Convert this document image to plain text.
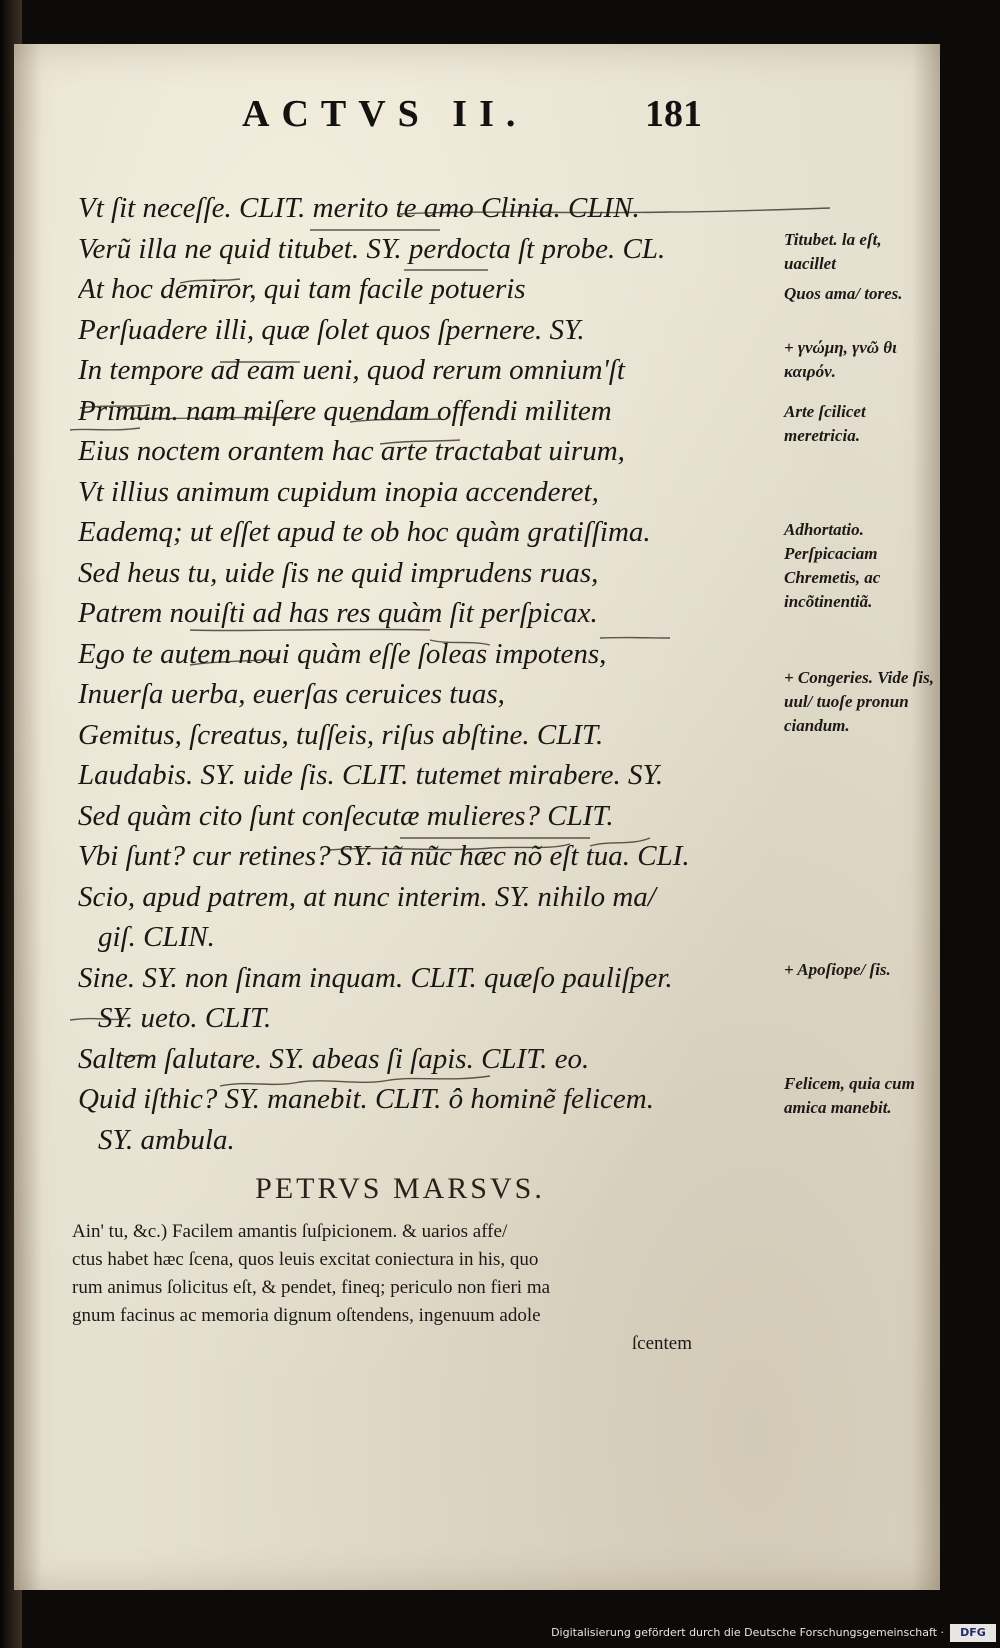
ACTVS II.	181
Vt ſit neceſſe. CLIT. merito te amo Clinia. CLIN.
Verũ illa ne quid titubet. SY. perdocta ſt probe. CL.
At hoc demiror, qui tam facile potueris
Perſuadere illi, quæ ſolet quos ſpernere. SY.
In tempore ad eam ueni, quod rerum omnium'ſt
Primum. nam miſere quendam offendi militem
Eius noctem orantem hac arte tractabat uirum,
Vt illius animum cupidum inopia accenderet,
Eademq; ut eſſet apud te ob hoc quàm gratiſſima.
Sed heus tu, uide ſis ne quid imprudens ruas,
Patrem nouiſti ad has res quàm ſit perſpicax.
Ego te autem noui quàm eſſe ſoleas impotens,
Inuerſa uerba, euerſas ceruices tuas,
Gemitus, ſcreatus, tuſſeis, riſus abſtine. CLIT.
Laudabis. SY. uide ſis. CLIT. tutemet mirabere. SY.
Sed quàm cito ſunt conſecutæ mulieres? CLIT.
Vbi ſunt? cur retines? SY. iã nũc hæc nõ eſt tua. CLI.
Scio, apud patrem, at nunc interim. SY. nihilo ma/
giſ. CLIN.
Sine. SY. non ſinam inquam. CLIT. quæſo pauliſper.
SY. ueto. CLIT.
Saltem ſalutare. SY. abeas ſi ſapis. CLIT. eo.
Quid iſthic? SY. manebit. CLIT. ô hominẽ felicem.
SY. ambula.
Titubet. la eſt, uacillet
Quos ama/ tores.
+ γνώμη, γνῶ θι καιρόν.
Arte ſcilicet meretricia.
Adhortatio. Perſpicaciam Chremetis, ac incõtinentiã.
+ Congeries. Vide ſis, uul/ tuoſe pronun ciandum.
+ Apoſiope/ ſis.
Felicem, quia cum amica manebit.
PETRVS MARSVS.
Ain' tu, &c.) Facilem amantis ſuſpicionem. & uarios affe/
ctus habet hæc ſcena, quos leuis excitat coniectura in his, quo
rum animus ſolicitus eſt, & pendet, fineq; periculo non fieri ma
gnum facinus ac memoria dignum oſtendens, ingenuum adole
ſcentem
Digitalisierung gefördert durch die Deutsche Forschungsgemeinschaft ·	DFG
